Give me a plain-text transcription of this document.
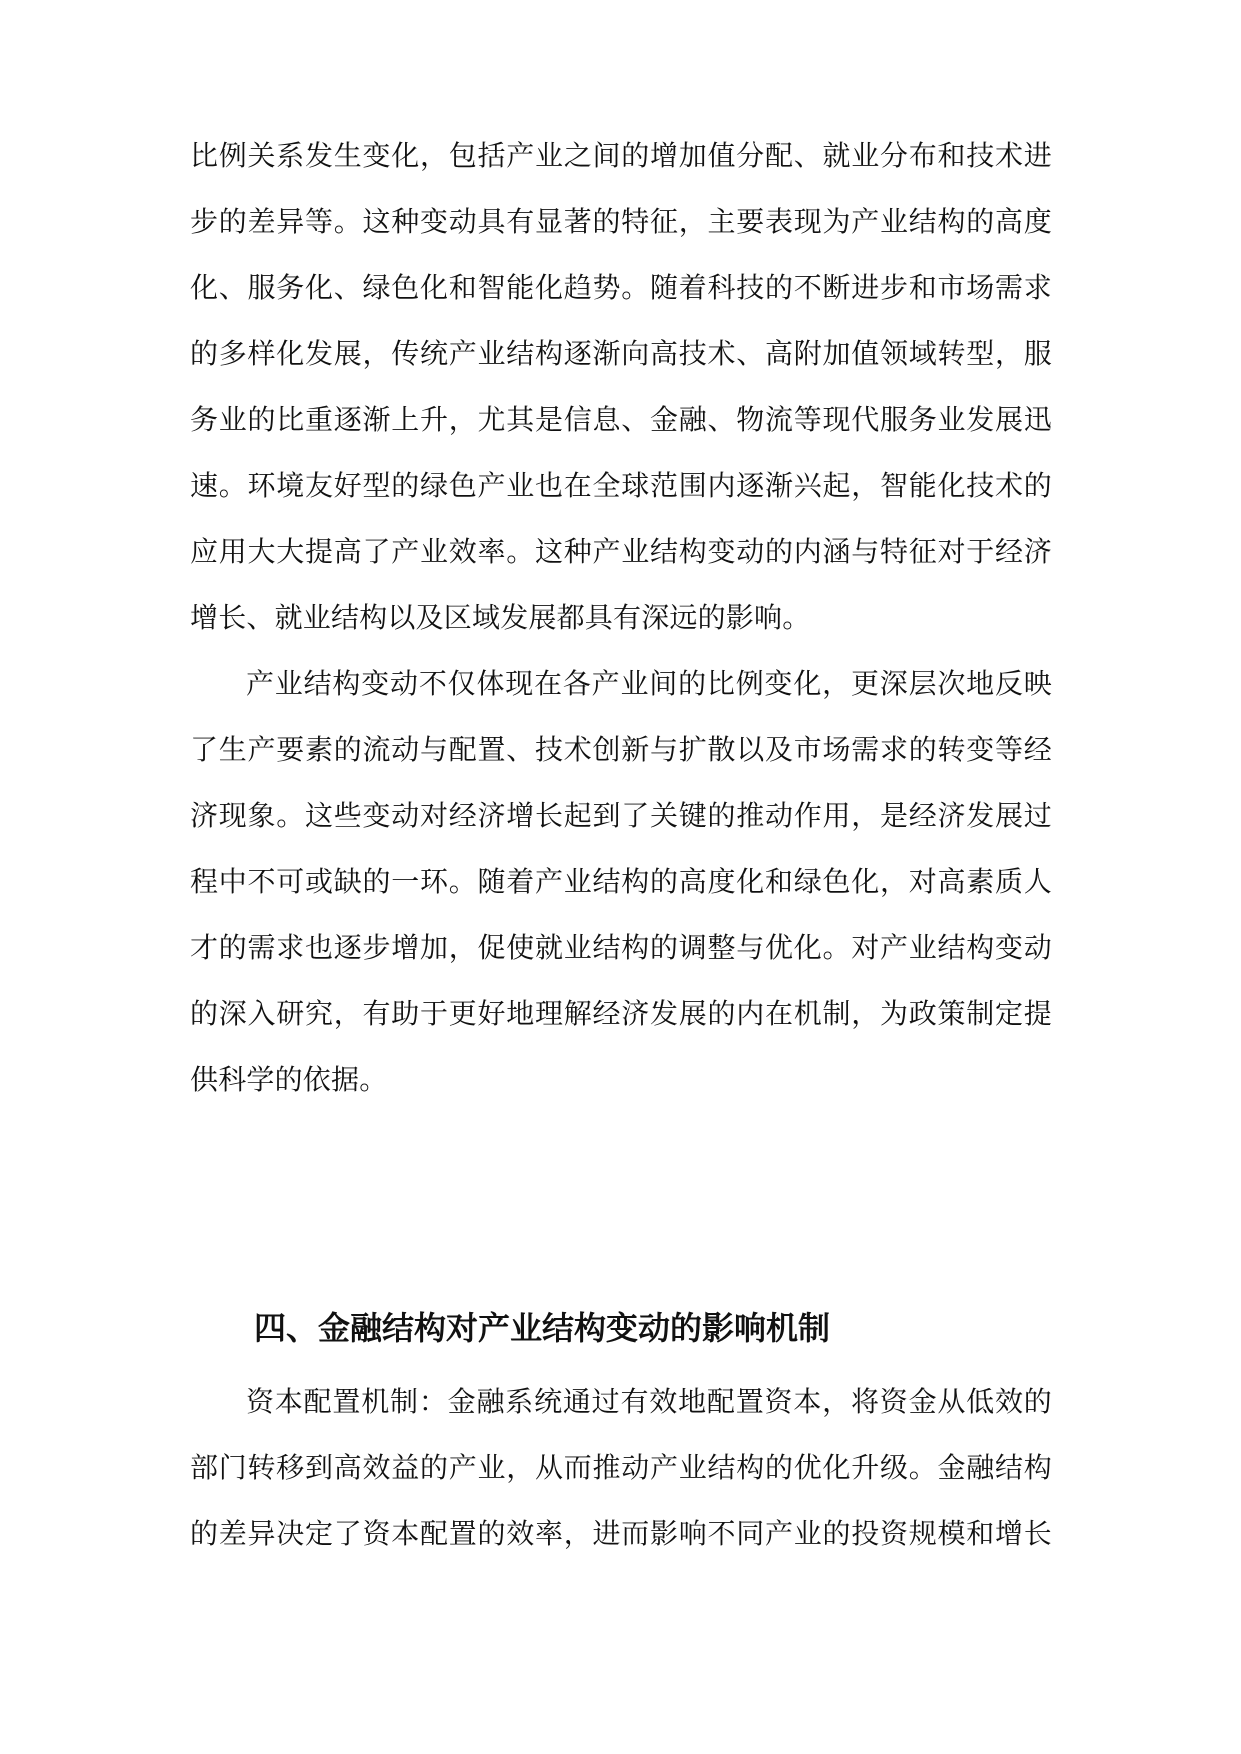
比例关系发生变化，包括产业之间的增加值分配、就业分布和技术进
步的差异等。这种变动具有显著的特征，主要表现为产业结构的高度
化、服务化、绿色化和智能化趋势。随着科技的不断进步和市场需求
的多样化发展，传统产业结构逐渐向高技术、高附加值领域转型，服
务业的比重逐渐上升，尤其是信息、金融、物流等现代服务业发展迅
速。环境友好型的绿色产业也在全球范围内逐渐兴起，智能化技术的
应用大大提高了产业效率。这种产业结构变动的内涵与特征对于经济
增长、就业结构以及区域发展都具有深远的影响。
产业结构变动不仅体现在各产业间的比例变化，更深层次地反映
了生产要素的流动与配置、技术创新与扩散以及市场需求的转变等经
济现象。这些变动对经济增长起到了关键的推动作用，是经济发展过
程中不可或缺的一环。随着产业结构的高度化和绿色化，对高素质人
才的需求也逐步增加，促使就业结构的调整与优化。对产业结构变动
的深入研究，有助于更好地理解经济发展的内在机制，为政策制定提
供科学的依据。
四、金融结构对产业结构变动的影响机制
资本配置机制：金融系统通过有效地配置资本，将资金从低效的
部门转移到高效益的产业，从而推动产业结构的优化升级。金融结构
的差异决定了资本配置的效率，进而影响不同产业的投资规模和增长
